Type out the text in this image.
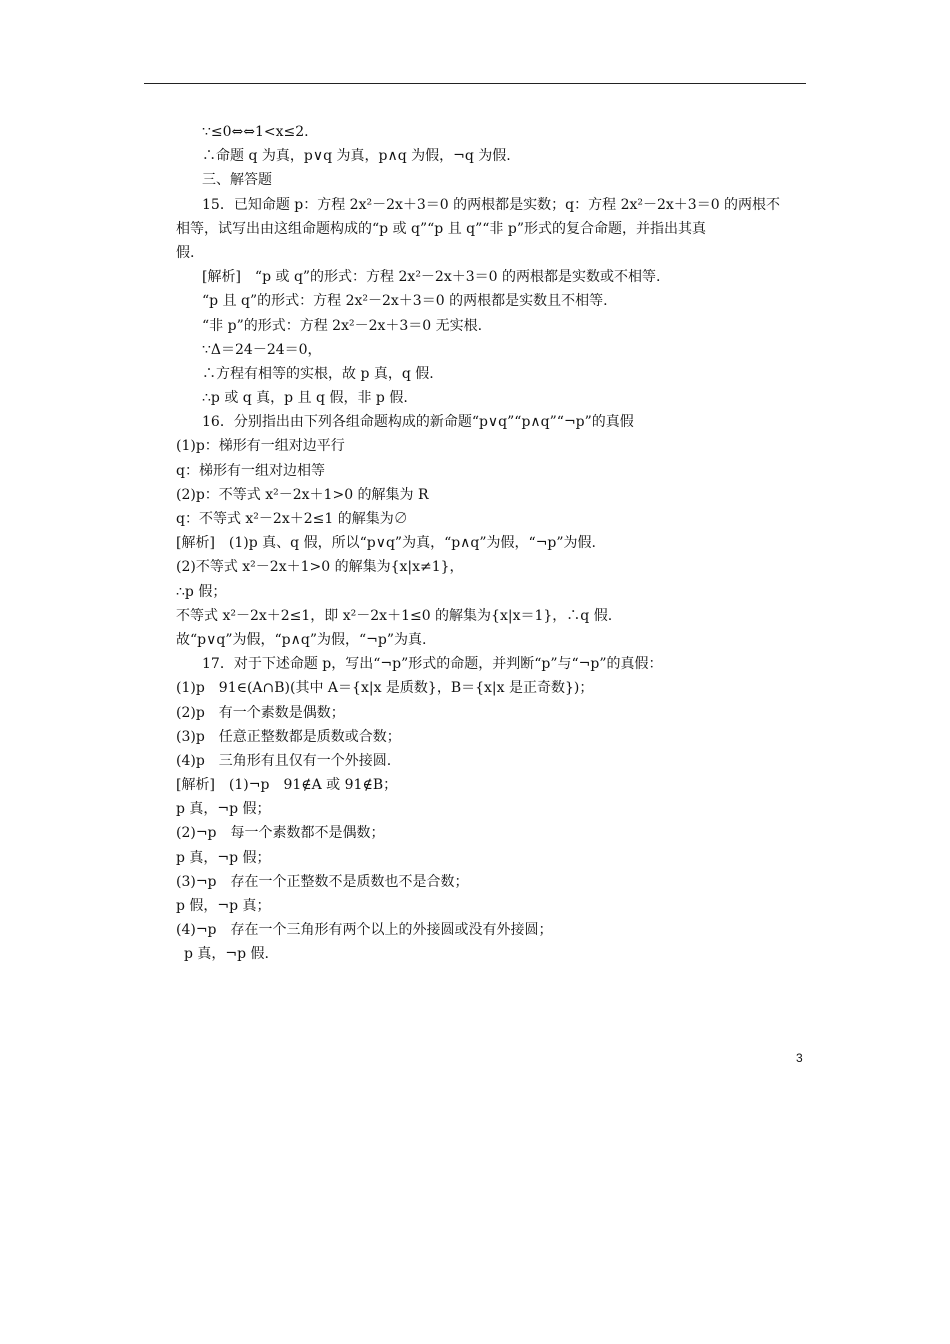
∵≤0⇔⇔1<x≤2.
∴命题 q 为真，p∨q 为真，p∧q 为假，¬q 为假.
三、解答题
15．已知命题 p：方程 2x²－2x＋3＝0 的两根都是实数；q：方程 2x²－2x＋3＝0 的两根不
相等，试写出由这组命题构成的“p 或 q”“p 且 q”“非 p”形式的复合命题，并指出其真
假.
[解析]　“p 或 q”的形式：方程 2x²－2x＋3＝0 的两根都是实数或不相等.
“p 且 q”的形式：方程 2x²－2x＋3＝0 的两根都是实数且不相等.
“非 p”的形式：方程 2x²－2x＋3＝0 无实根.
∵Δ＝24－24＝0，
∴方程有相等的实根，故 p 真，q 假.
∴p 或 q 真，p 且 q 假，非 p 假.
16．分别指出由下列各组命题构成的新命题“p∨q”“p∧q”“¬p”的真假
(1)p：梯形有一组对边平行
q：梯形有一组对边相等
(2)p：不等式 x²－2x＋1>0 的解集为 R
q：不等式 x²－2x＋2≤1 的解集为∅
[解析]　(1)p 真、q 假，所以“p∨q”为真，“p∧q”为假，“¬p”为假.
(2)不等式 x²－2x＋1>0 的解集为{x|x≠1}，
∴p 假；
不等式 x²－2x＋2≤1，即 x²－2x＋1≤0 的解集为{x|x＝1}，∴q 假.
故“p∨q”为假，“p∧q”为假，“¬p”为真.
17．对于下述命题 p，写出“¬p”形式的命题，并判断“p”与“¬p”的真假：
(1)p　91∈(A∩B)(其中 A＝{x|x 是质数}，B＝{x|x 是正奇数})；
(2)p　有一个素数是偶数；
(3)p　任意正整数都是质数或合数；
(4)p　三角形有且仅有一个外接圆.
[解析]　(1)¬p　91∉A 或 91∉B；
p 真，¬p 假；
(2)¬p　每一个素数都不是偶数；
p 真，¬p 假；
(3)¬p　存在一个正整数不是质数也不是合数；
p 假，¬p 真；
(4)¬p　存在一个三角形有两个以上的外接圆或没有外接圆；
p 真，¬p 假.
3
